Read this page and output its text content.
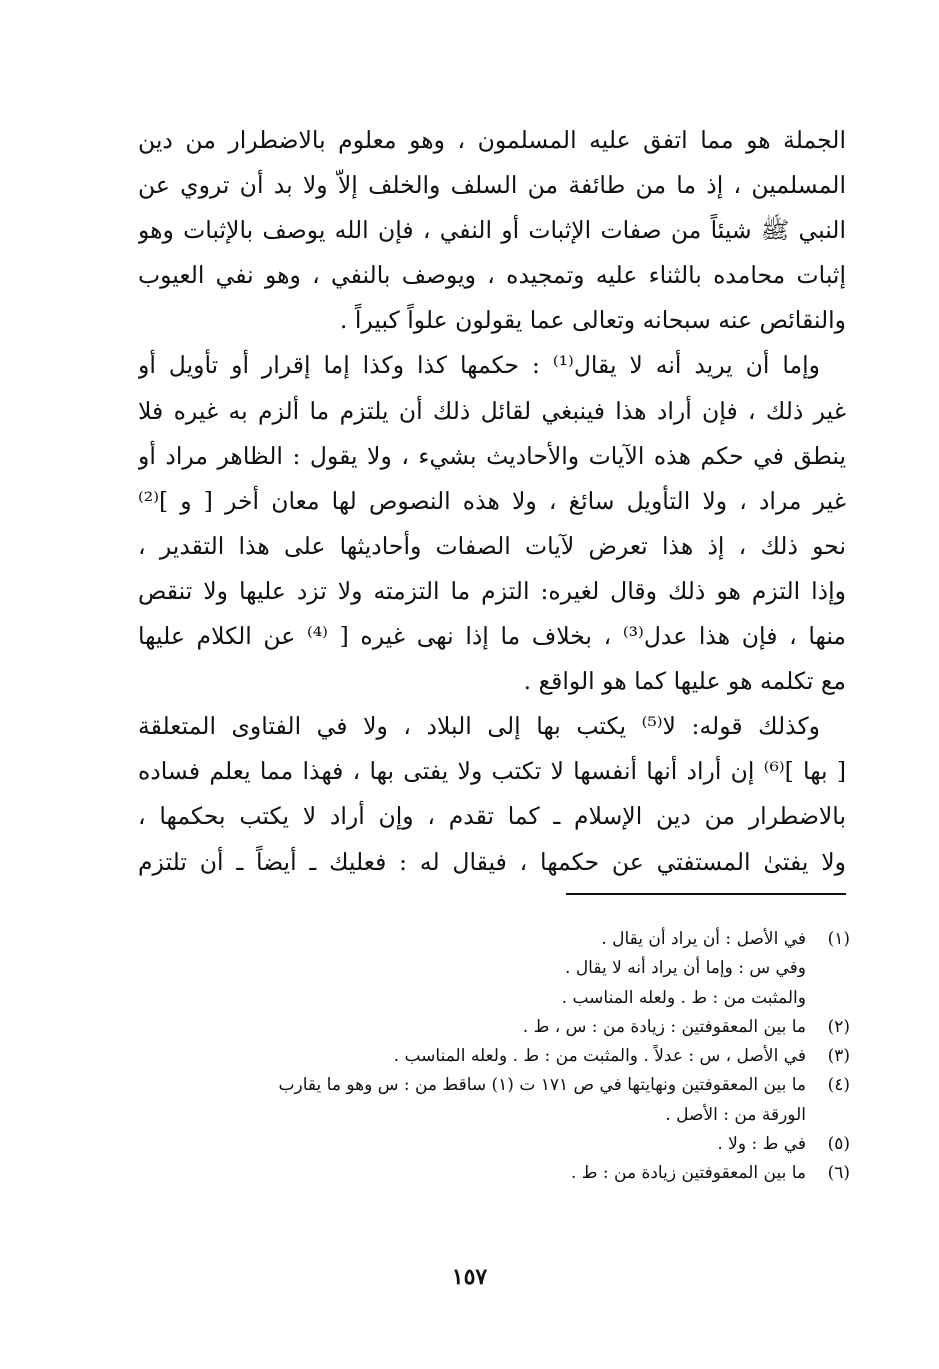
الجملة هو مما اتفق عليه المسلمون ، وهو معلوم بالاضطرار من دين
المسلمين ، إذ ما من طائفة من السلف والخلف إلاّ ولا بد أن تروي عن
النبي ﷺ شيئاً من صفات الإثبات أو النفي ، فإن الله يوصف بالإثبات وهو
إثبات محامده بالثناء عليه وتمجيده ، ويوصف بالنفي ، وهو نفي العيوب
والنقائص عنه سبحانه وتعالى عما يقولون علواً كبيراً .
وإما أن يريد أنه لا يقال⁽¹⁾ : حكمها كذا وكذا إما إقرار أو تأويل أو
غير ذلك ، فإن أراد هذا فينبغي لقائل ذلك أن يلتزم ما ألزم به غيره فلا
ينطق في حكم هذه الآيات والأحاديث بشيء ، ولا يقول : الظاهر مراد أو
غير مراد ، ولا التأويل سائغ ، ولا هذه النصوص لها معان أخر [ و ]⁽²⁾
نحو ذلك ، إذ هذا تعرض لآيات الصفات وأحاديثها على هذا التقدير ،
وإذا التزم هو ذلك وقال لغيره: التزم ما التزمته ولا تزد عليها ولا تنقص
منها ، فإن هذا عدل⁽³⁾ ، بخلاف ما إذا نهى غيره [ ⁽⁴⁾ عن الكلام عليها
مع تكلمه هو عليها كما هو الواقع .
وكذلك قوله: لا⁽⁵⁾ يكتب بها إلى البلاد ، ولا في الفتاوى المتعلقة
[ بها ]⁽⁶⁾ إن أراد أنها أنفسها لا تكتب ولا يفتى بها ، فهذا مما يعلم فساده
بالاضطرار من دين الإسلام ـ كما تقدم ، وإن أراد لا يكتب بحكمها ،
ولا يفتىٰ المستفتي عن حكمها ، فيقال له : فعليك ـ أيضاً ـ أن تلتزم
(١)في الأصل : أن يراد أن يقال .
وفي س : وإما أن يراد أنه لا يقال .
والمثبت من : ط . ولعله المناسب .
(٢)ما بين المعقوفتين : زيادة من : س ، ط .
(٣)في الأصل ، س : عدلاً . والمثبت من : ط . ولعله المناسب .
(٤)ما بين المعقوفتين ونهايتها في ص ١٧١ ت (١) ساقط من : س وهو ما يقارب
الورقة من : الأصل .
(٥)في ط : ولا .
(٦)ما بين المعقوفتين زيادة من : ط .
١٥٧
